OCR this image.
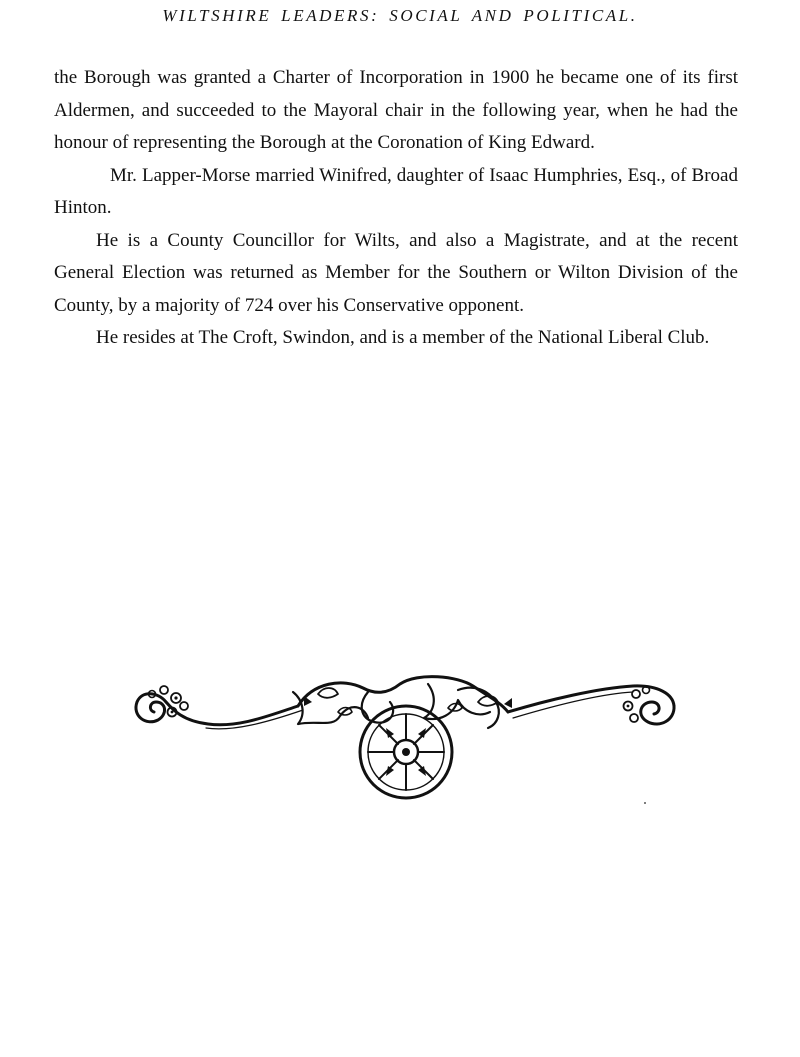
WILTSHIRE LEADERS: SOCIAL AND POLITICAL.

the Borough was granted a Charter of Incorporation in 1900 he became one of its first Aldermen, and succeeded to the Mayoral chair in the following year, when he had the honour of representing the Borough at the Coronation of King Edward.

Mr. Lapper-Morse married Winifred, daughter of Isaac Humphries, Esq., of Broad Hinton.

He is a County Councillor for Wilts, and also a Magistrate, and at the recent General Election was returned as Member for the Southern or Wilton Division of the County, by a majority of 724 over his Conservative opponent.

He resides at The Croft, Swindon, and is a member of the National Liberal Club.
